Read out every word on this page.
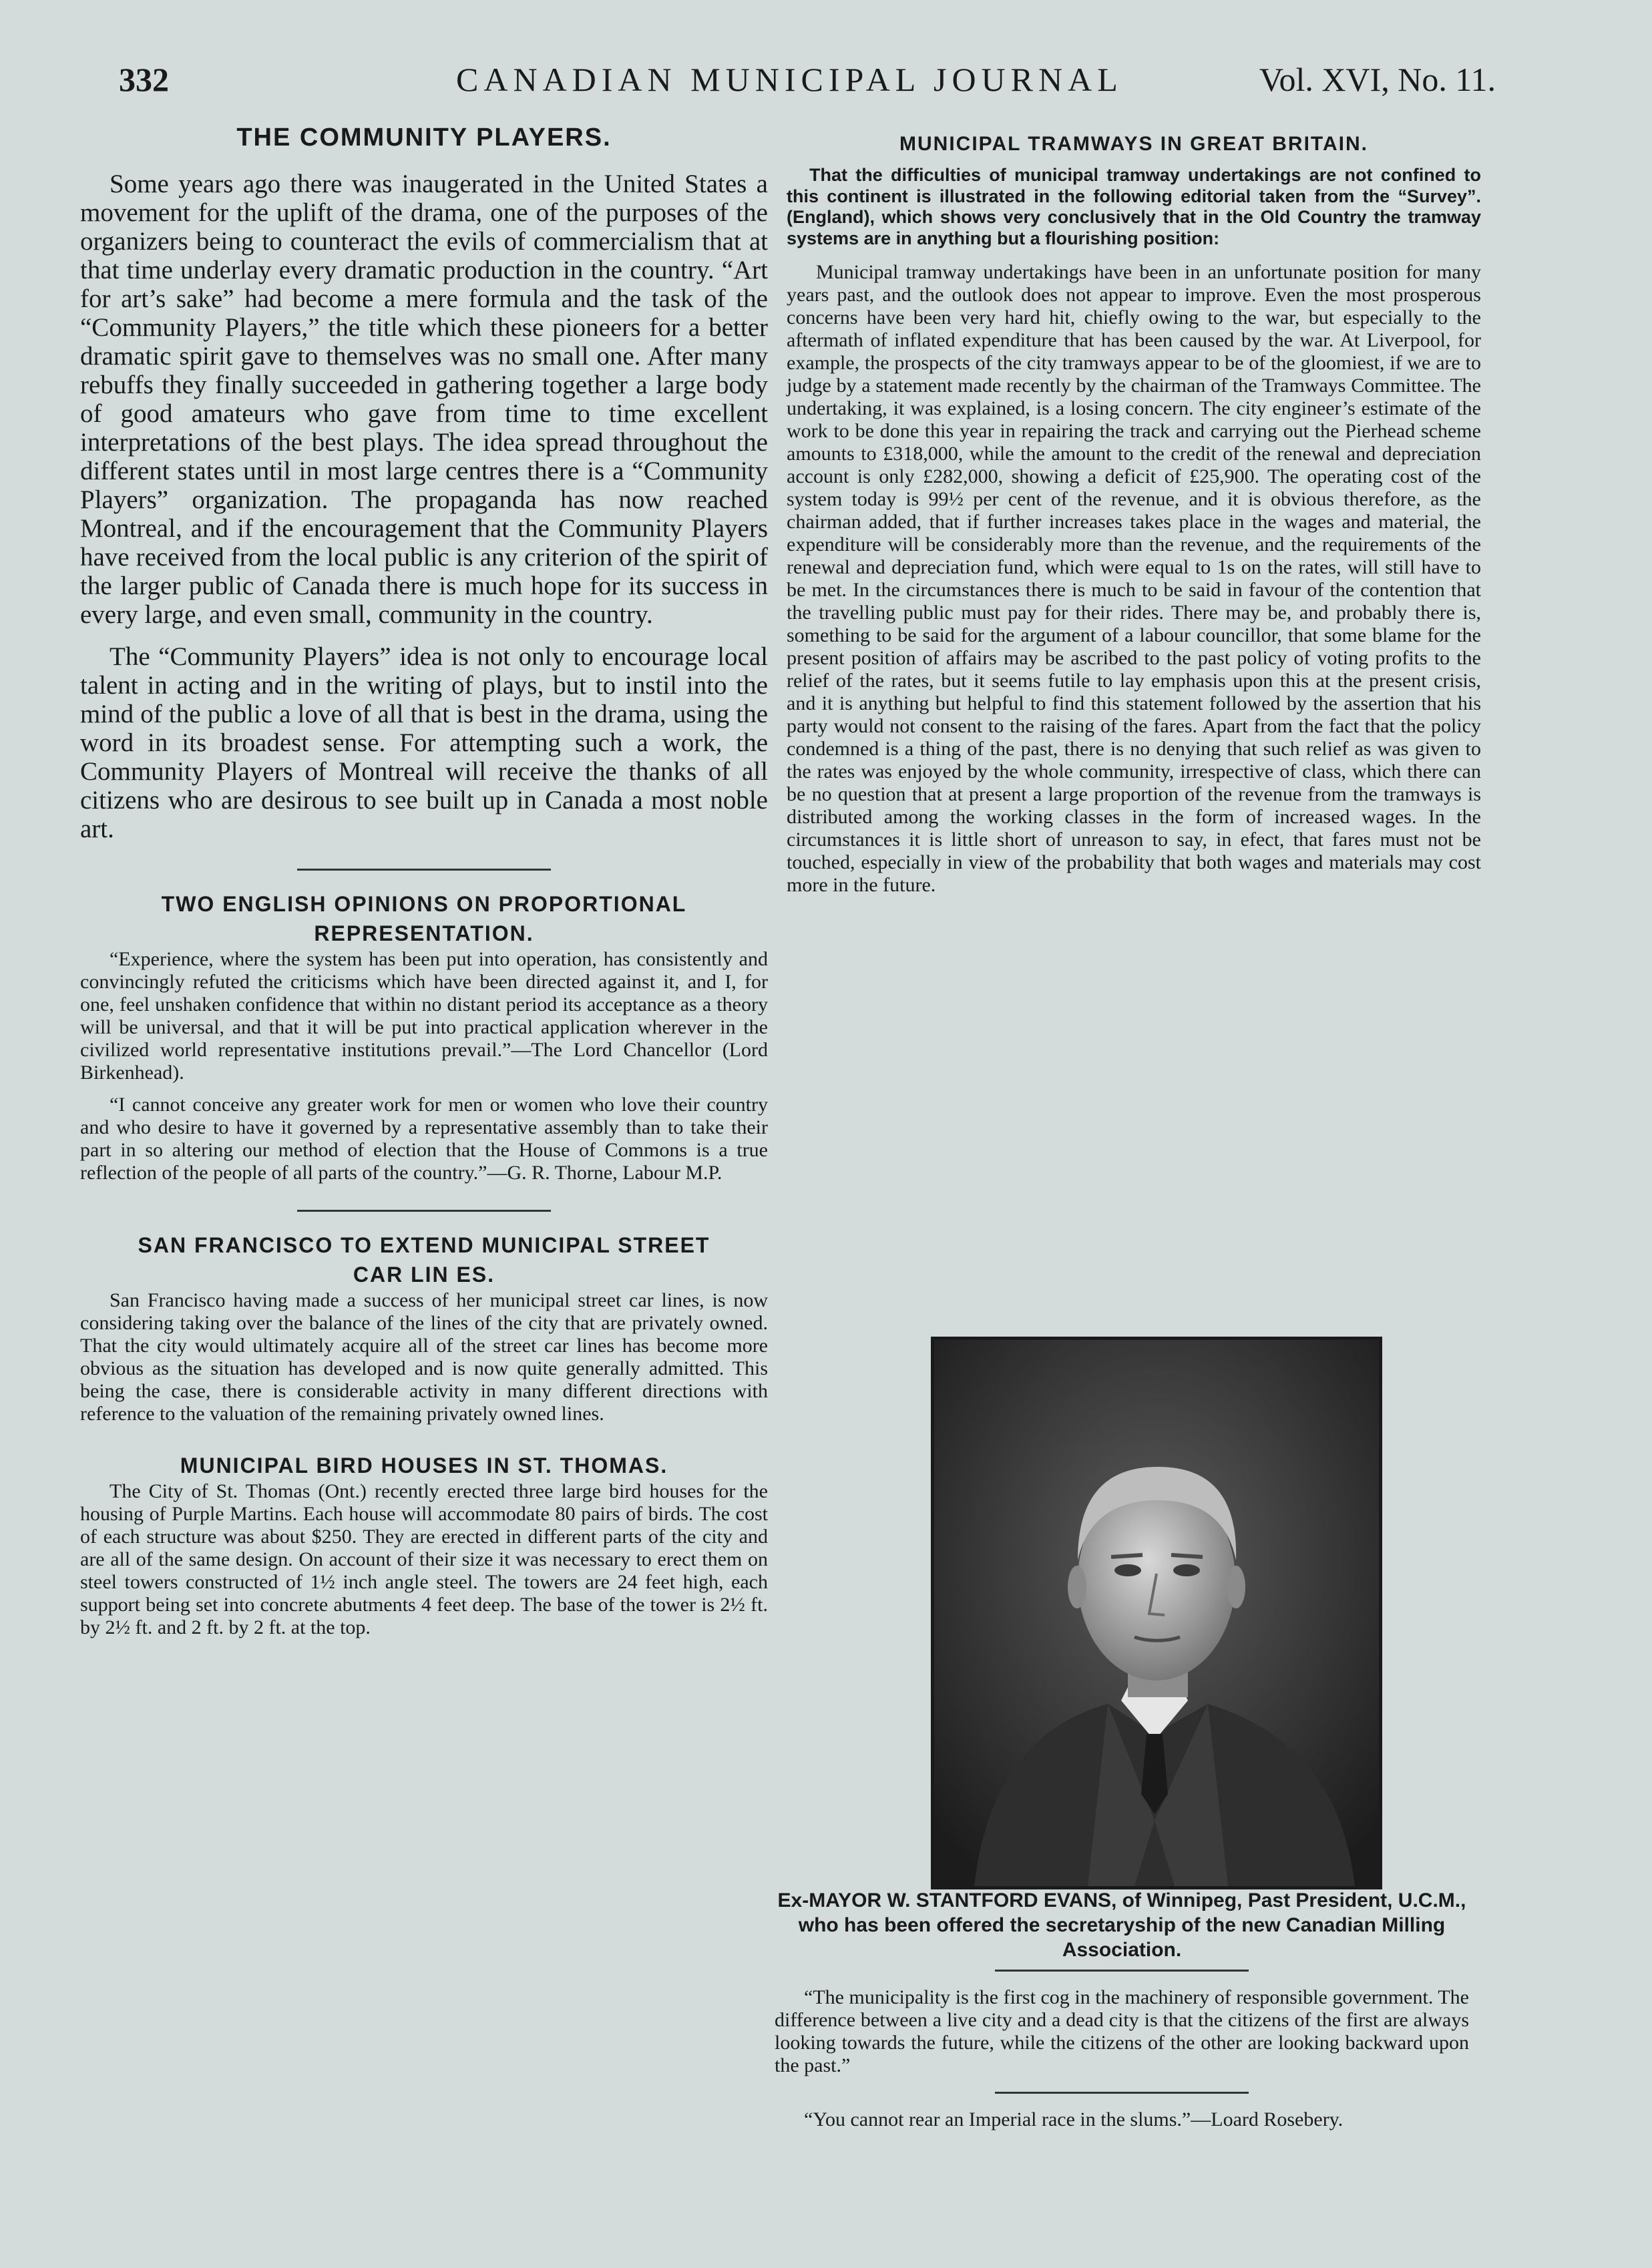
332	CANADIAN MUNICIPAL JOURNAL	Vol. XVI, No. 11.
THE COMMUNITY PLAYERS.

Some years ago there was inaugerated in the United States a movement for the uplift of the drama, one of the purposes of the organizers being to counteract the evils of commercialism that at that time underlay every dramatic production in the country. “Art for art’s sake” had become a mere formula and the task of the “Community Players,” the title which these pioneers for a better dramatic spirit gave to themselves was no small one. After many rebuffs they finally succeeded in gathering together a large body of good amateurs who gave from time to time excellent interpretations of the best plays. The idea spread throughout the different states until in most large centres there is a “Community Players” organization. The propaganda has now reached Montreal, and if the encouragement that the Community Players have received from the local public is any criterion of the spirit of the larger public of Canada there is much hope for its success in every large, and even small, community in the country.

The “Community Players” idea is not only to encourage local talent in acting and in the writing of plays, but to instil into the mind of the public a love of all that is best in the drama, using the word in its broadest sense. For attempting such a work, the Community Players of Montreal will receive the thanks of all citizens who are desirous to see built up in Canada a most noble art.

TWO ENGLISH OPINIONS ON PROPORTIONAL
REPRESENTATION.

“Experience, where the system has been put into operation, has consistently and convincingly refuted the criticisms which have been directed against it, and I, for one, feel unshaken confidence that within no distant period its acceptance as a theory will be universal, and that it will be put into practical application wherever in the civilized world representative institutions prevail.”—The Lord Chancellor (Lord Birkenhead).

“I cannot conceive any greater work for men or women who love their country and who desire to have it governed by a representative assembly than to take their part in so altering our method of election that the House of Commons is a true reflection of the people of all parts of the country.”—G. R. Thorne, Labour M.P.

SAN FRANCISCO TO EXTEND MUNICIPAL STREET
CAR LIN ES.

San Francisco having made a success of her municipal street car lines, is now considering taking over the balance of the lines of the city that are privately owned. That the city would ultimately acquire all of the street car lines has become more obvious as the situation has developed and is now quite generally admitted. This being the case, there is considerable activity in many different directions with reference to the valuation of the remaining privately owned lines.

MUNICIPAL BIRD HOUSES IN ST. THOMAS.

The City of St. Thomas (Ont.) recently erected three large bird houses for the housing of Purple Martins. Each house will accommodate 80 pairs of birds. The cost of each structure was about $250. They are erected in different parts of the city and are all of the same design. On account of their size it was necessary to erect them on steel towers constructed of 1½ inch angle steel. The towers are 24 feet high, each support being set into concrete abutments 4 feet deep. The base of the tower is 2½ ft. by 2½ ft. and 2 ft. by 2 ft. at the top.

MUNICIPAL TRAMWAYS IN GREAT BRITAIN.

That the difficulties of municipal tramway undertakings are not confined to this continent is illustrated in the following editorial taken from the “Survey”. (England), which shows very conclusively that in the Old Country the tramway systems are in anything but a flourishing position:

Municipal tramway undertakings have been in an unfortunate position for many years past, and the outlook does not appear to improve. Even the most prosperous concerns have been very hard hit, chiefly owing to the war, but especially to the aftermath of inflated expenditure that has been caused by the war. At Liverpool, for example, the prospects of the city tramways appear to be of the gloomiest, if we are to judge by a statement made recently by the chairman of the Tramways Committee. The undertaking, it was explained, is a losing concern. The city engineer’s estimate of the work to be done this year in repairing the track and carrying out the Pierhead scheme amounts to £318,000, while the amount to the credit of the renewal and depreciation account is only £282,000, showing a deficit of £25,900. The operating cost of the system today is 99½ per cent of the revenue, and it is obvious therefore, as the chairman added, that if further increases takes place in the wages and material, the expenditure will be considerably more than the revenue, and the requirements of the renewal and depreciation fund, which were equal to 1s on the rates, will still have to be met. In the circumstances there is much to be said in favour of the contention that the travelling public must pay for their rides. There may be, and probably there is, something to be said for the argument of a labour councillor, that some blame for the present position of affairs may be ascribed to the past policy of voting profits to the relief of the rates, but it seems futile to lay emphasis upon this at the present crisis, and it is anything but helpful to find this statement followed by the assertion that his party would not consent to the raising of the fares. Apart from the fact that the policy condemned is a thing of the past, there is no denying that such relief as was given to the rates was enjoyed by the whole community, irrespective of class, which there can be no question that at present a large proportion of the revenue from the tramways is distributed among the working classes in the form of increased wages. In the circumstances it is little short of unreason to say, in efect, that fares must not be touched, especially in view of the probability that both wages and materials may cost more in the future.

Ex-MAYOR W. STANTFORD EVANS, of Winnipeg, Past President, U.C.M., who has been offered the secretaryship of the new Canadian Milling Association.

“The municipality is the first cog in the machinery of responsible government. The difference between a live city and a dead city is that the citizens of the first are always looking towards the future, while the citizens of the other are looking backward upon the past.”

“You cannot rear an Imperial race in the slums.”—Loard Rosebery.
